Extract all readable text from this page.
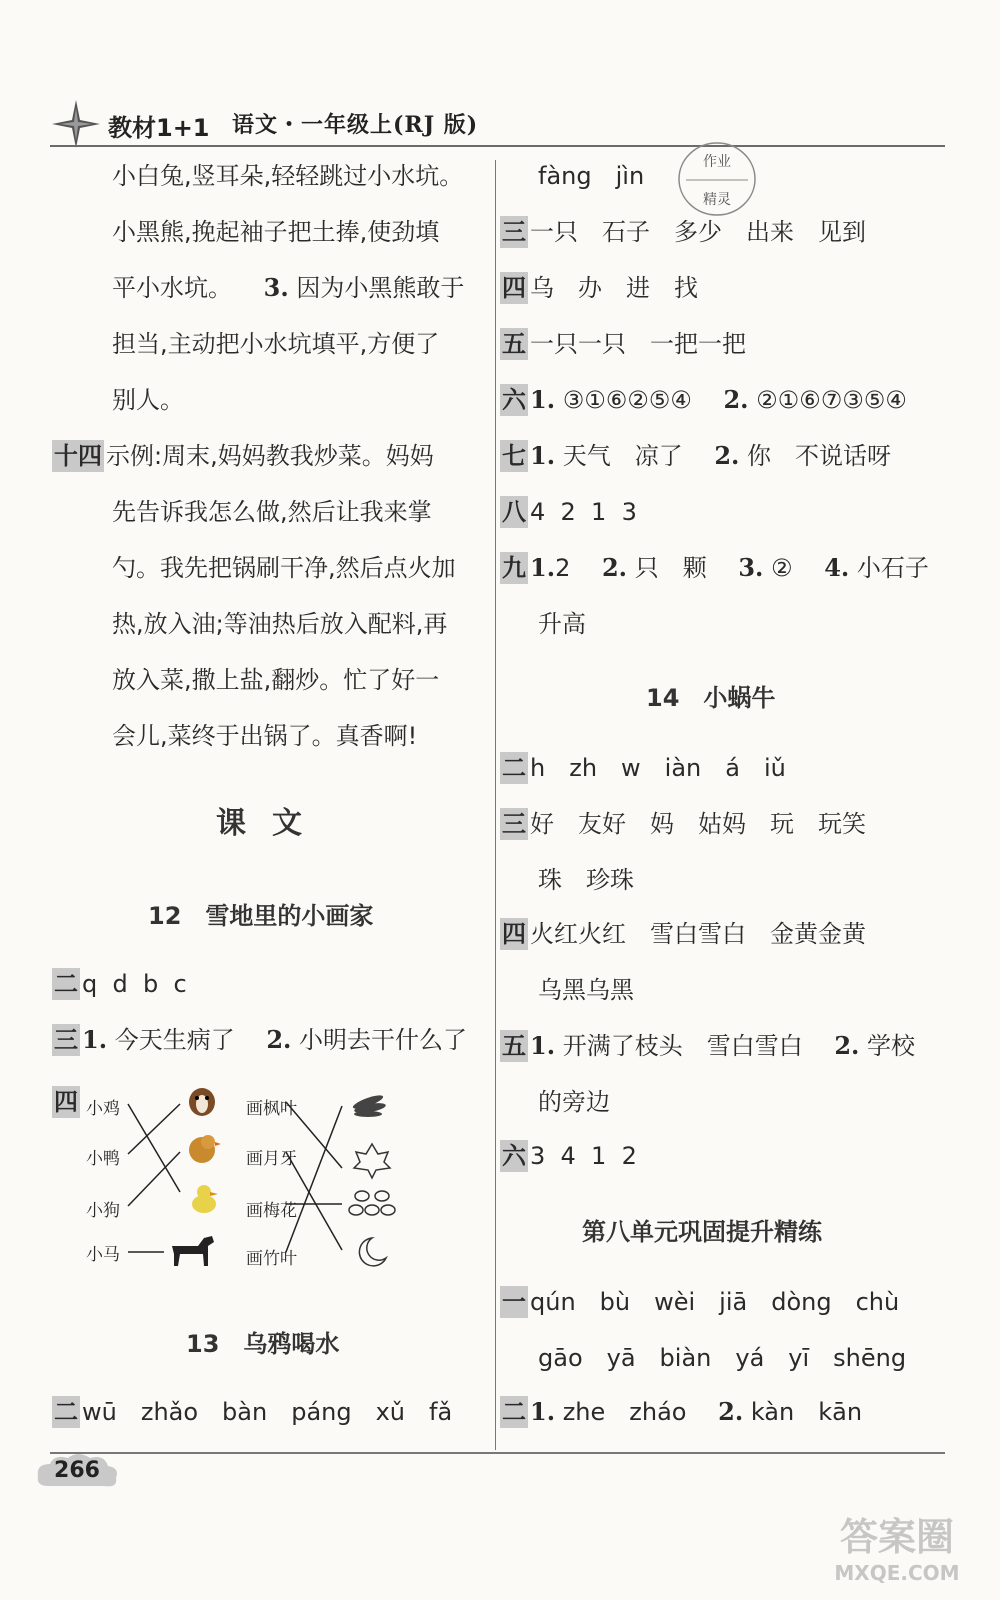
教材1+1 语文・一年级上(RJ 版)
作业
精灵
小白兔,竖耳朵,轻轻跳过小水坑。
小黑熊,挽起袖子把土捧,使劲填
平小水坑。 3. 因为小黑熊敢于
担当,主动把小水坑填平,方便了
别人。
十四 示例:周末,妈妈教我炒菜。妈妈
先告诉我怎么做,然后让我来掌
勺。我先把锅刷干净,然后点火加
热,放入油;等油热后放入配料,再
放入菜,撒上盐,翻炒。忙了好一
会儿,菜终于出锅了。真香啊!
课文
12 雪地里的小画家
二 q  d  b  c
三 1. 今天生病了 2. 小明去干什么了
四 小鸡
小鸭
小狗
小马
画枫叶
画月牙
画梅花
画竹叶
13 乌鸦喝水
二 wū zhǎo bàn páng xǔ fǎ
fàng jìn
三 一只 石子 多少 出来 见到
四 乌 办 进 找
五 一只一只 一把一把
六 1. ③①⑥②⑤④ 2. ②①⑥⑦③⑤④
七 1. 天气 凉了 2. 你 不说话呀
八 4  2  1  3
九 1.2 2. 只 颗 3. ② 4. 小石子
升高
14 小蜗牛
二 h zh w iàn á iǔ
三 好 友好 妈 姑妈 玩 玩笑
珠 珍珠
四 火红火红 雪白雪白 金黄金黄
乌黑乌黑
五 1. 开满了枝头 雪白雪白 2. 学校
的旁边
六 3  4  1  2
第八单元巩固提升精练
一 qún bù wèi jiā dòng chù
gāo yā biàn yá yī shēng
二 1. zhe zháo 2. kàn kān
266
答案圈
MXQE.COM
